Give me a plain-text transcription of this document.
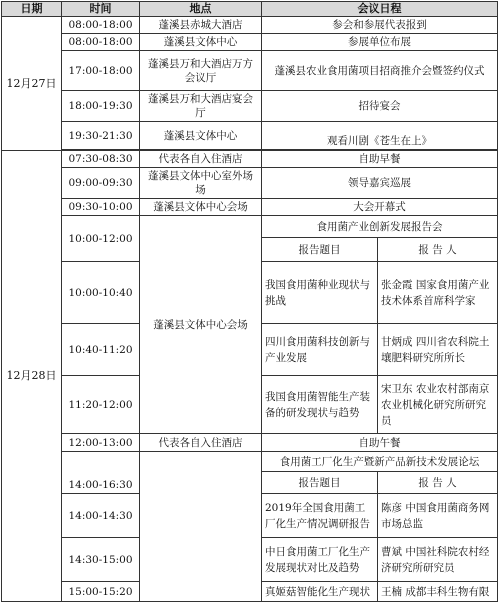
日期	时间	地点	会议日程	
12月27日	08:00-18:00	蓬溪县赤城大酒店	参会和参展代表报到	
	08:00-18:00	蓬溪县文体中心	参展单位布展	
	17:00-18:00	蓬溪县万和大酒店万方会议厅	蓬溪县农业食用菌项目招商推介会暨签约仪式	
	18:00-19:30	蓬溪县万和大酒店宴会厅	招待宴会	
	19:30-21:30	蓬溪县文体中心	观看川剧《苍生在上》	

12月28日	07:30-08:30	代表各自入住酒店	自助早餐	
	09:00-09:30	蓬溪县文体中心室外场场	领导嘉宾巡展	
	09:30-10:00	蓬溪县文体中心会场	大会开幕式	
	10:00-12:00	蓬溪县文体中心会场	食用菌产业创新发展报告会	
			报告题目	报 告 人
	10:00-10:40		我国食用菌种业现状与挑战	张金霞 国家食用菌产业技术体系首席科学家
	10:40-11:20		四川食用菌科技创新与产业发展	甘炳成 四川省农科院土壤肥料研究所所长
	11:20-12:00		我国食用菌智能生产装备的研发现状与趋势	宋卫东 农业农村部南京农业机械化研究所研究员
	12:00-13:00	代表各自入住酒店	自助午餐	
	14:00-16:30		食用菌工厂化生产暨新产品新技术发展论坛	
			报告题目	报 告 人
	14:00-14:30		2019年全国食用菌工厂化生产情况调研报告	陈彦 中国食用菌商务网市场总监
	14:30-15:00		中日食用菌工厂化生产发展现状对比及趋势	曹斌 中国社科院农村经济研究所研究员
	15:00-15:20		真姬菇智能化生产现状	王楠 成都丰科生物有限
